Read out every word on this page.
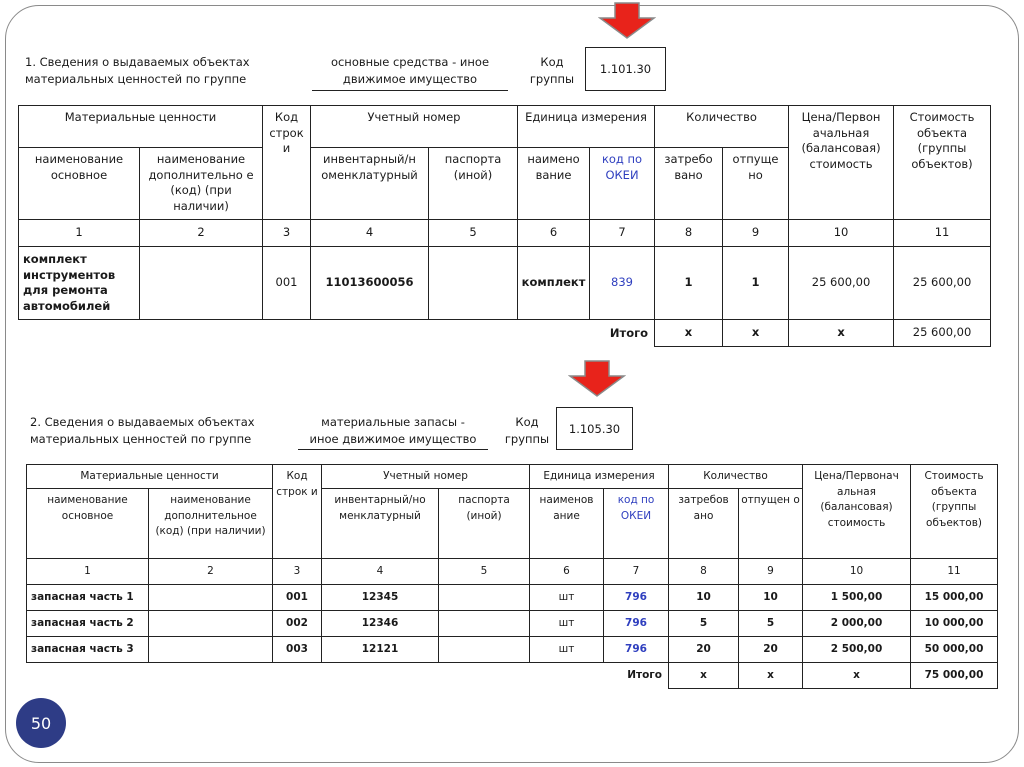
1. Сведения о выдаваемых объектах
материальных ценностей по группе
основные средства - иное
движимое имущество
Код
группы
1.101.30
Материальные ценности		Код строк и	Учетный номер		Единица измерения		Количество		Цена/Первон ачальная (балансовая) стоимость	Стоимость объекта (группы объектов)
наименование основное	наименование дополнительно е (код) (при наличии)		инвентарный/н оменклатурный	паспорта (иной)	наимено вание	код по ОКЕИ	затребо вано	отпуще но		
1	2	3	4	5	6	7	8	9	10	11
комплект инструментов для ремонта автомобилей		001	11013600056		комплект	839	1	1	25 600,00	25 600,00
					Итого		x	x	x	25 600,00
2. Сведения о выдаваемых объектах
материальных ценностей по группе
материальные запасы -
иное движимое имущество
Код
группы
1.105.30
Материальные ценности		Код строк и	Учетный номер		Единица измерения		Количество		Цена/Первонач альная (балансовая) стоимость	Стоимость объекта (группы объектов)
наименование основное	наименование дополнительное (код) (при наличии)		инвентарный/но менклатурный	паспорта (иной)	наименов ание	код по ОКЕИ	затребов ано	отпущен о		
1	2	3	4	5	6	7	8	9	10	11
запасная часть 1		001	12345		шт	796	10	10	1 500,00	15 000,00
запасная часть 2		002	12346		шт	796	5	5	2 000,00	10 000,00
запасная часть 3		003	12121		шт	796	20	20	2 500,00	50 000,00
					Итого		x	x	x	75 000,00
50
